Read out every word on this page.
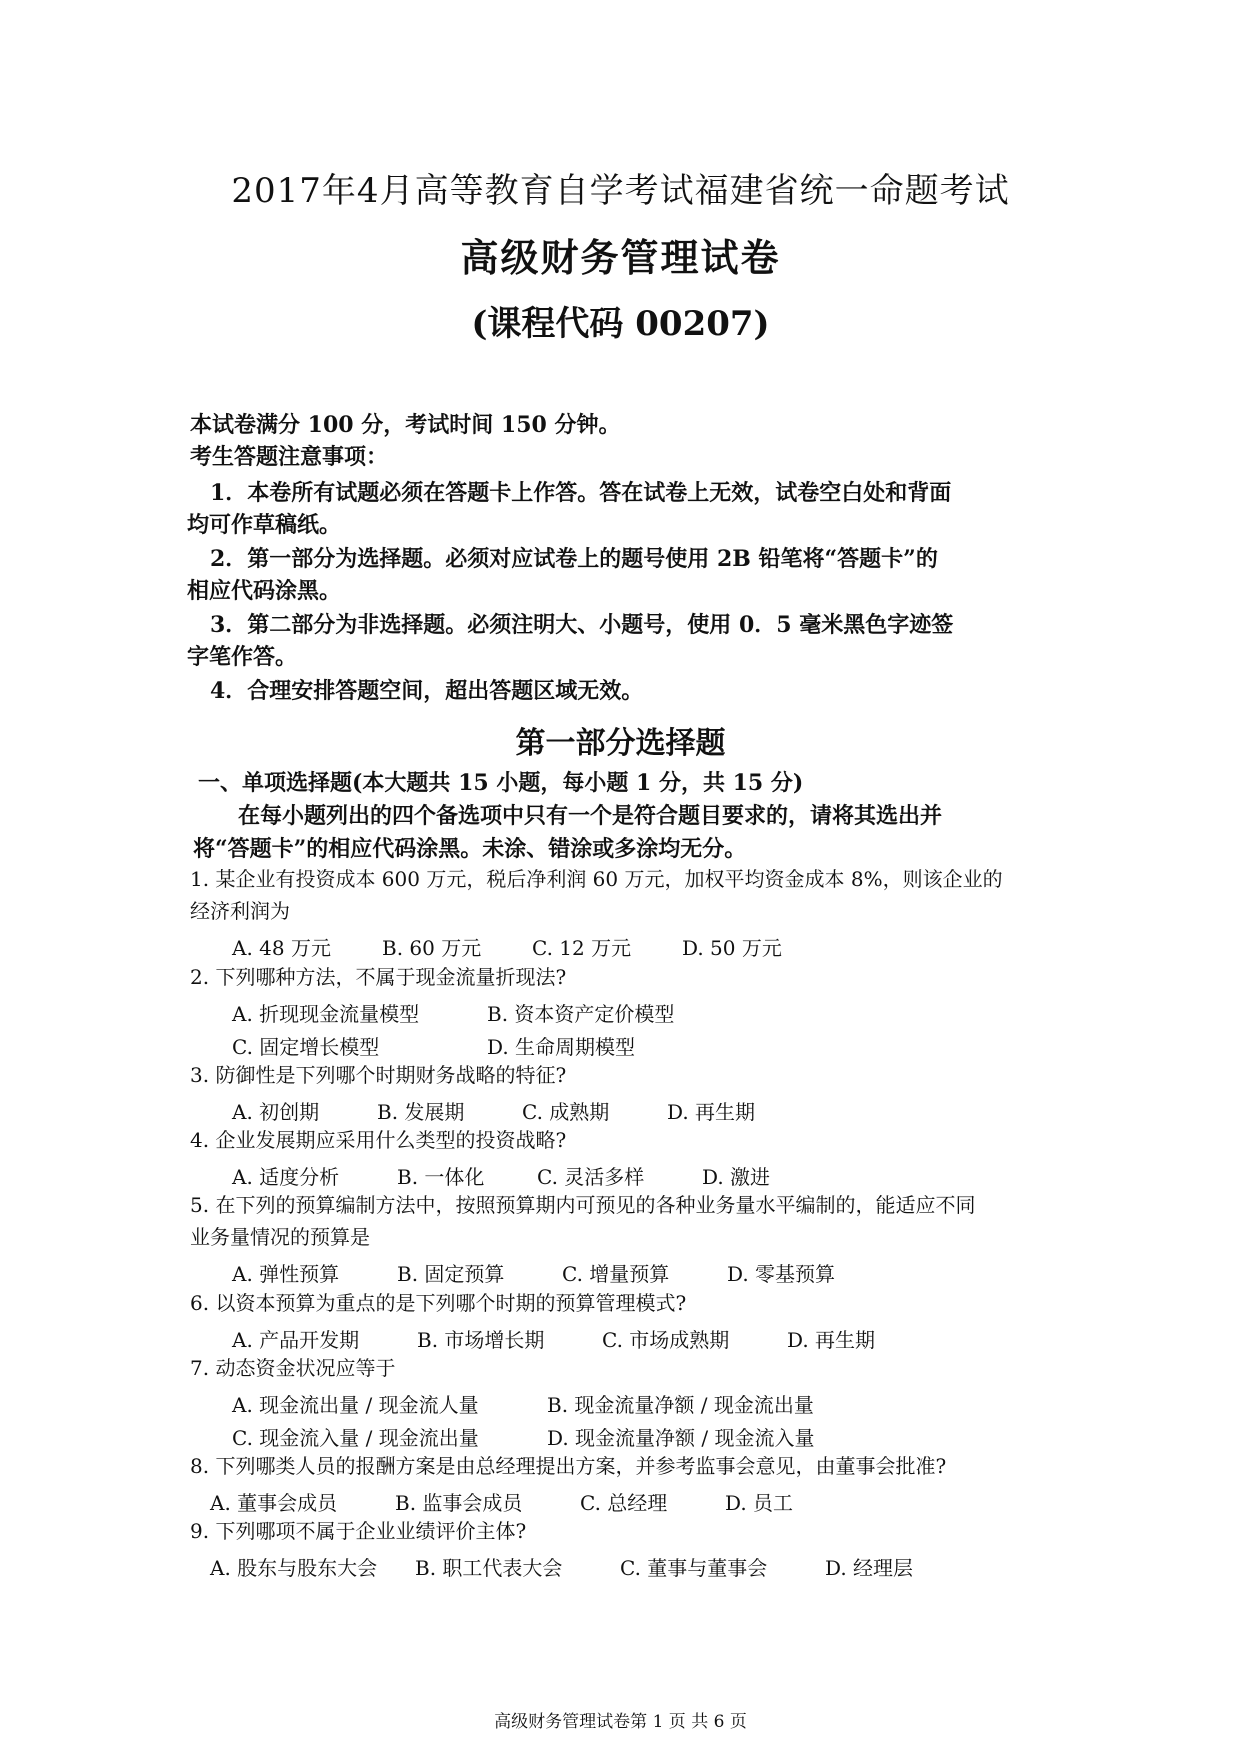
2017年4月高等教育自学考试福建省统一命题考试
高级财务管理试卷
(课程代码 00207)
本试卷满分 100 分，考试时间 150 分钟。
考生答题注意事项：
1．本卷所有试题必须在答题卡上作答。答在试卷上无效，试卷空白处和背面
均可作草稿纸。
2．第一部分为选择题。必须对应试卷上的题号使用 2B 铅笔将“答题卡”的
相应代码涂黑。
3．第二部分为非选择题。必须注明大、小题号，使用 0．5 毫米黑色字迹签
字笔作答。
4．合理安排答题空间，超出答题区域无效。
第一部分选择题
一、单项选择题(本大题共 15 小题，每小题 1 分，共 15 分)
在每小题列出的四个备选项中只有一个是符合题目要求的，请将其选出并
将“答题卡”的相应代码涂黑。未涂、错涂或多涂均无分。
1. 某企业有投资成本 600 万元，税后净利润 60 万元，加权平均资金成本 8%，则该企业的
经济利润为
A. 48 万元	B. 60 万元	C. 12 万元	D. 50 万元
2. 下列哪种方法，不属于现金流量折现法?
A. 折现现金流量模型	B. 资本资产定价模型
C. 固定增长模型	D. 生命周期模型
3. 防御性是下列哪个时期财务战略的特征?
A. 初创期	B. 发展期	C. 成熟期	D. 再生期
4. 企业发展期应采用什么类型的投资战略?
A. 适度分析	B. 一体化	C. 灵活多样	D. 激进
5. 在下列的预算编制方法中，按照预算期内可预见的各种业务量水平编制的，能适应不同
业务量情况的预算是
A. 弹性预算	B. 固定预算	C. 增量预算	D. 零基预算
6. 以资本预算为重点的是下列哪个时期的预算管理模式?
A. 产品开发期	B. 市场增长期	C. 市场成熟期	D. 再生期
7. 动态资金状况应等于
A. 现金流出量 / 现金流人量	B. 现金流量净额 / 现金流出量
C. 现金流入量 / 现金流出量	D. 现金流量净额 / 现金流入量
8. 下列哪类人员的报酬方案是由总经理提出方案，并参考监事会意见，由董事会批准?
A. 董事会成员	B. 监事会成员	C. 总经理	D. 员工
9. 下列哪项不属于企业业绩评价主体?
A. 股东与股东大会 B. 职工代表大会	C. 董事与董事会	D. 经理层
高级财务管理试卷第 1 页 共 6 页
